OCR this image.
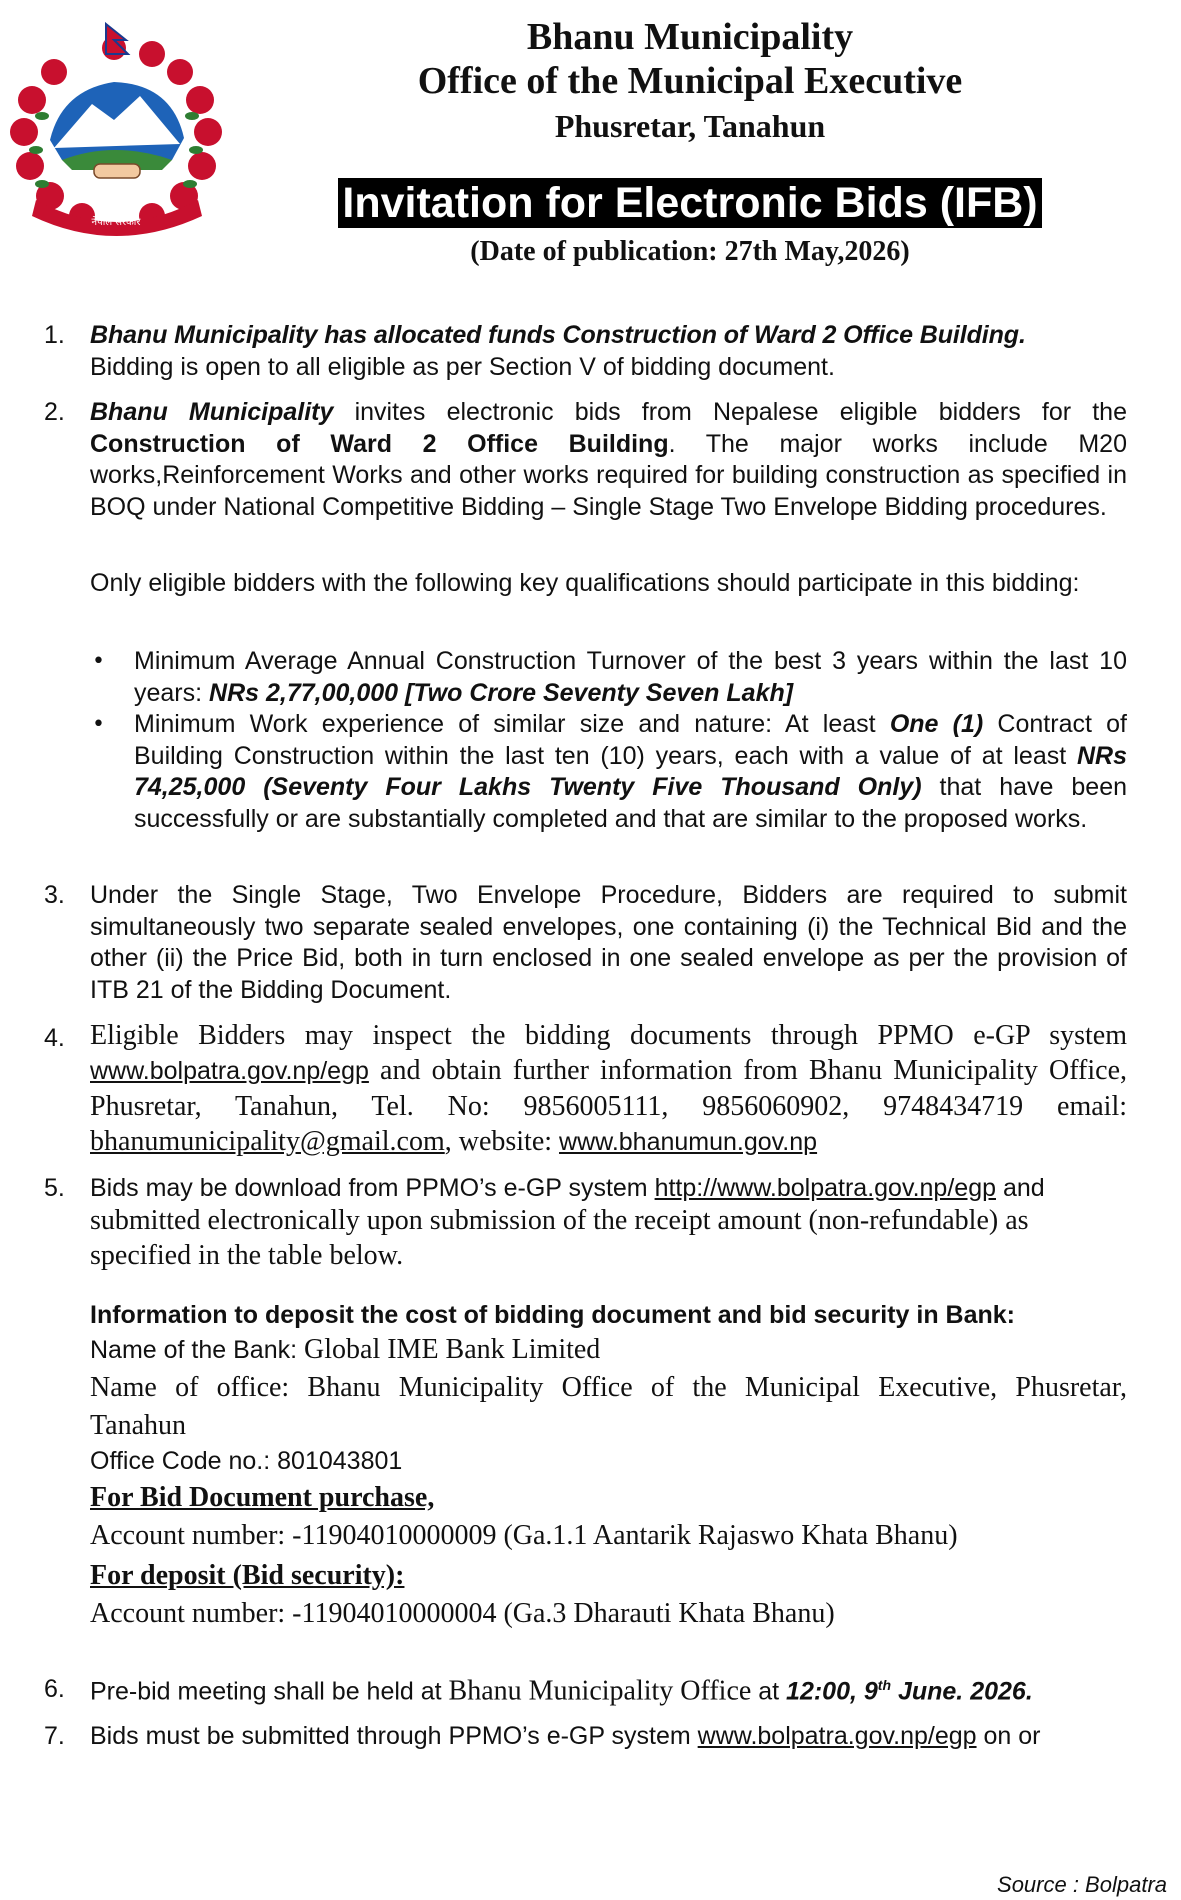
नेपाल सरकार
Bhanu Municipality
Office of the Municipal Executive
Phusretar, Tanahun
Invitation for Electronic Bids (IFB)
(Date of publication: 27th May,2026)
1. Bhanu Municipality has allocated funds Construction of Ward 2 Office Building.
Bidding is open to all eligible as per Section V of bidding document.
2. Bhanu Municipality invites electronic bids from Nepalese eligible bidders for the Construction of Ward 2 Office Building. The major works include M20 works,Reinforcement Works and other works required for building construction as specified in BOQ under National Competitive Bidding – Single Stage Two Envelope Bidding procedures.
Only eligible bidders with the following key qualifications should participate in this bidding:
• Minimum Average Annual Construction Turnover of the best 3 years within the last 10 years: NRs 2,77,00,000 [Two Crore Seventy Seven Lakh]
• Minimum Work experience of similar size and nature: At least One (1) Contract of Building Construction within the last ten (10) years, each with a value of at least NRs 74,25,000 (Seventy Four Lakhs Twenty Five Thousand Only) that have been successfully or are substantially completed and that are similar to the proposed works.
3. Under the Single Stage, Two Envelope Procedure, Bidders are required to submit simultaneously two separate sealed envelopes, one containing (i) the Technical Bid and the other (ii) the Price Bid, both in turn enclosed in one sealed envelope as per the provision of ITB 21 of the Bidding Document.
4. Eligible Bidders may inspect the bidding documents through PPMO e-GP system www.bolpatra.gov.np/egp and obtain further information from Bhanu Municipality Office, Phusretar, Tanahun, Tel. No: 9856005111, 9856060902, 9748434719 email: bhanumunicipality@gmail.com, website: www.bhanumun.gov.np
5. Bids may be download from PPMO’s e-GP system http://www.bolpatra.gov.np/egp and
submitted electronically upon submission of the receipt amount (non-refundable) as specified in the table below.
Information to deposit the cost of bidding document and bid security in Bank:
Name of the Bank: Global IME Bank Limited
Name of office: Bhanu Municipality Office of the Municipal Executive, Phusretar,
Tanahun
Office Code no.: 801043801
For Bid Document purchase,
Account number: -11904010000009 (Ga.1.1 Aantarik Rajaswo Khata Bhanu)
For deposit (Bid security):
Account number: -11904010000004 (Ga.3 Dharauti Khata Bhanu)
6. Pre-bid meeting shall be held at Bhanu Municipality Office at 12:00, 9th June. 2026.
7. Bids must be submitted through PPMO’s e-GP system www.bolpatra.gov.np/egp on or
Source : Bolpatra
